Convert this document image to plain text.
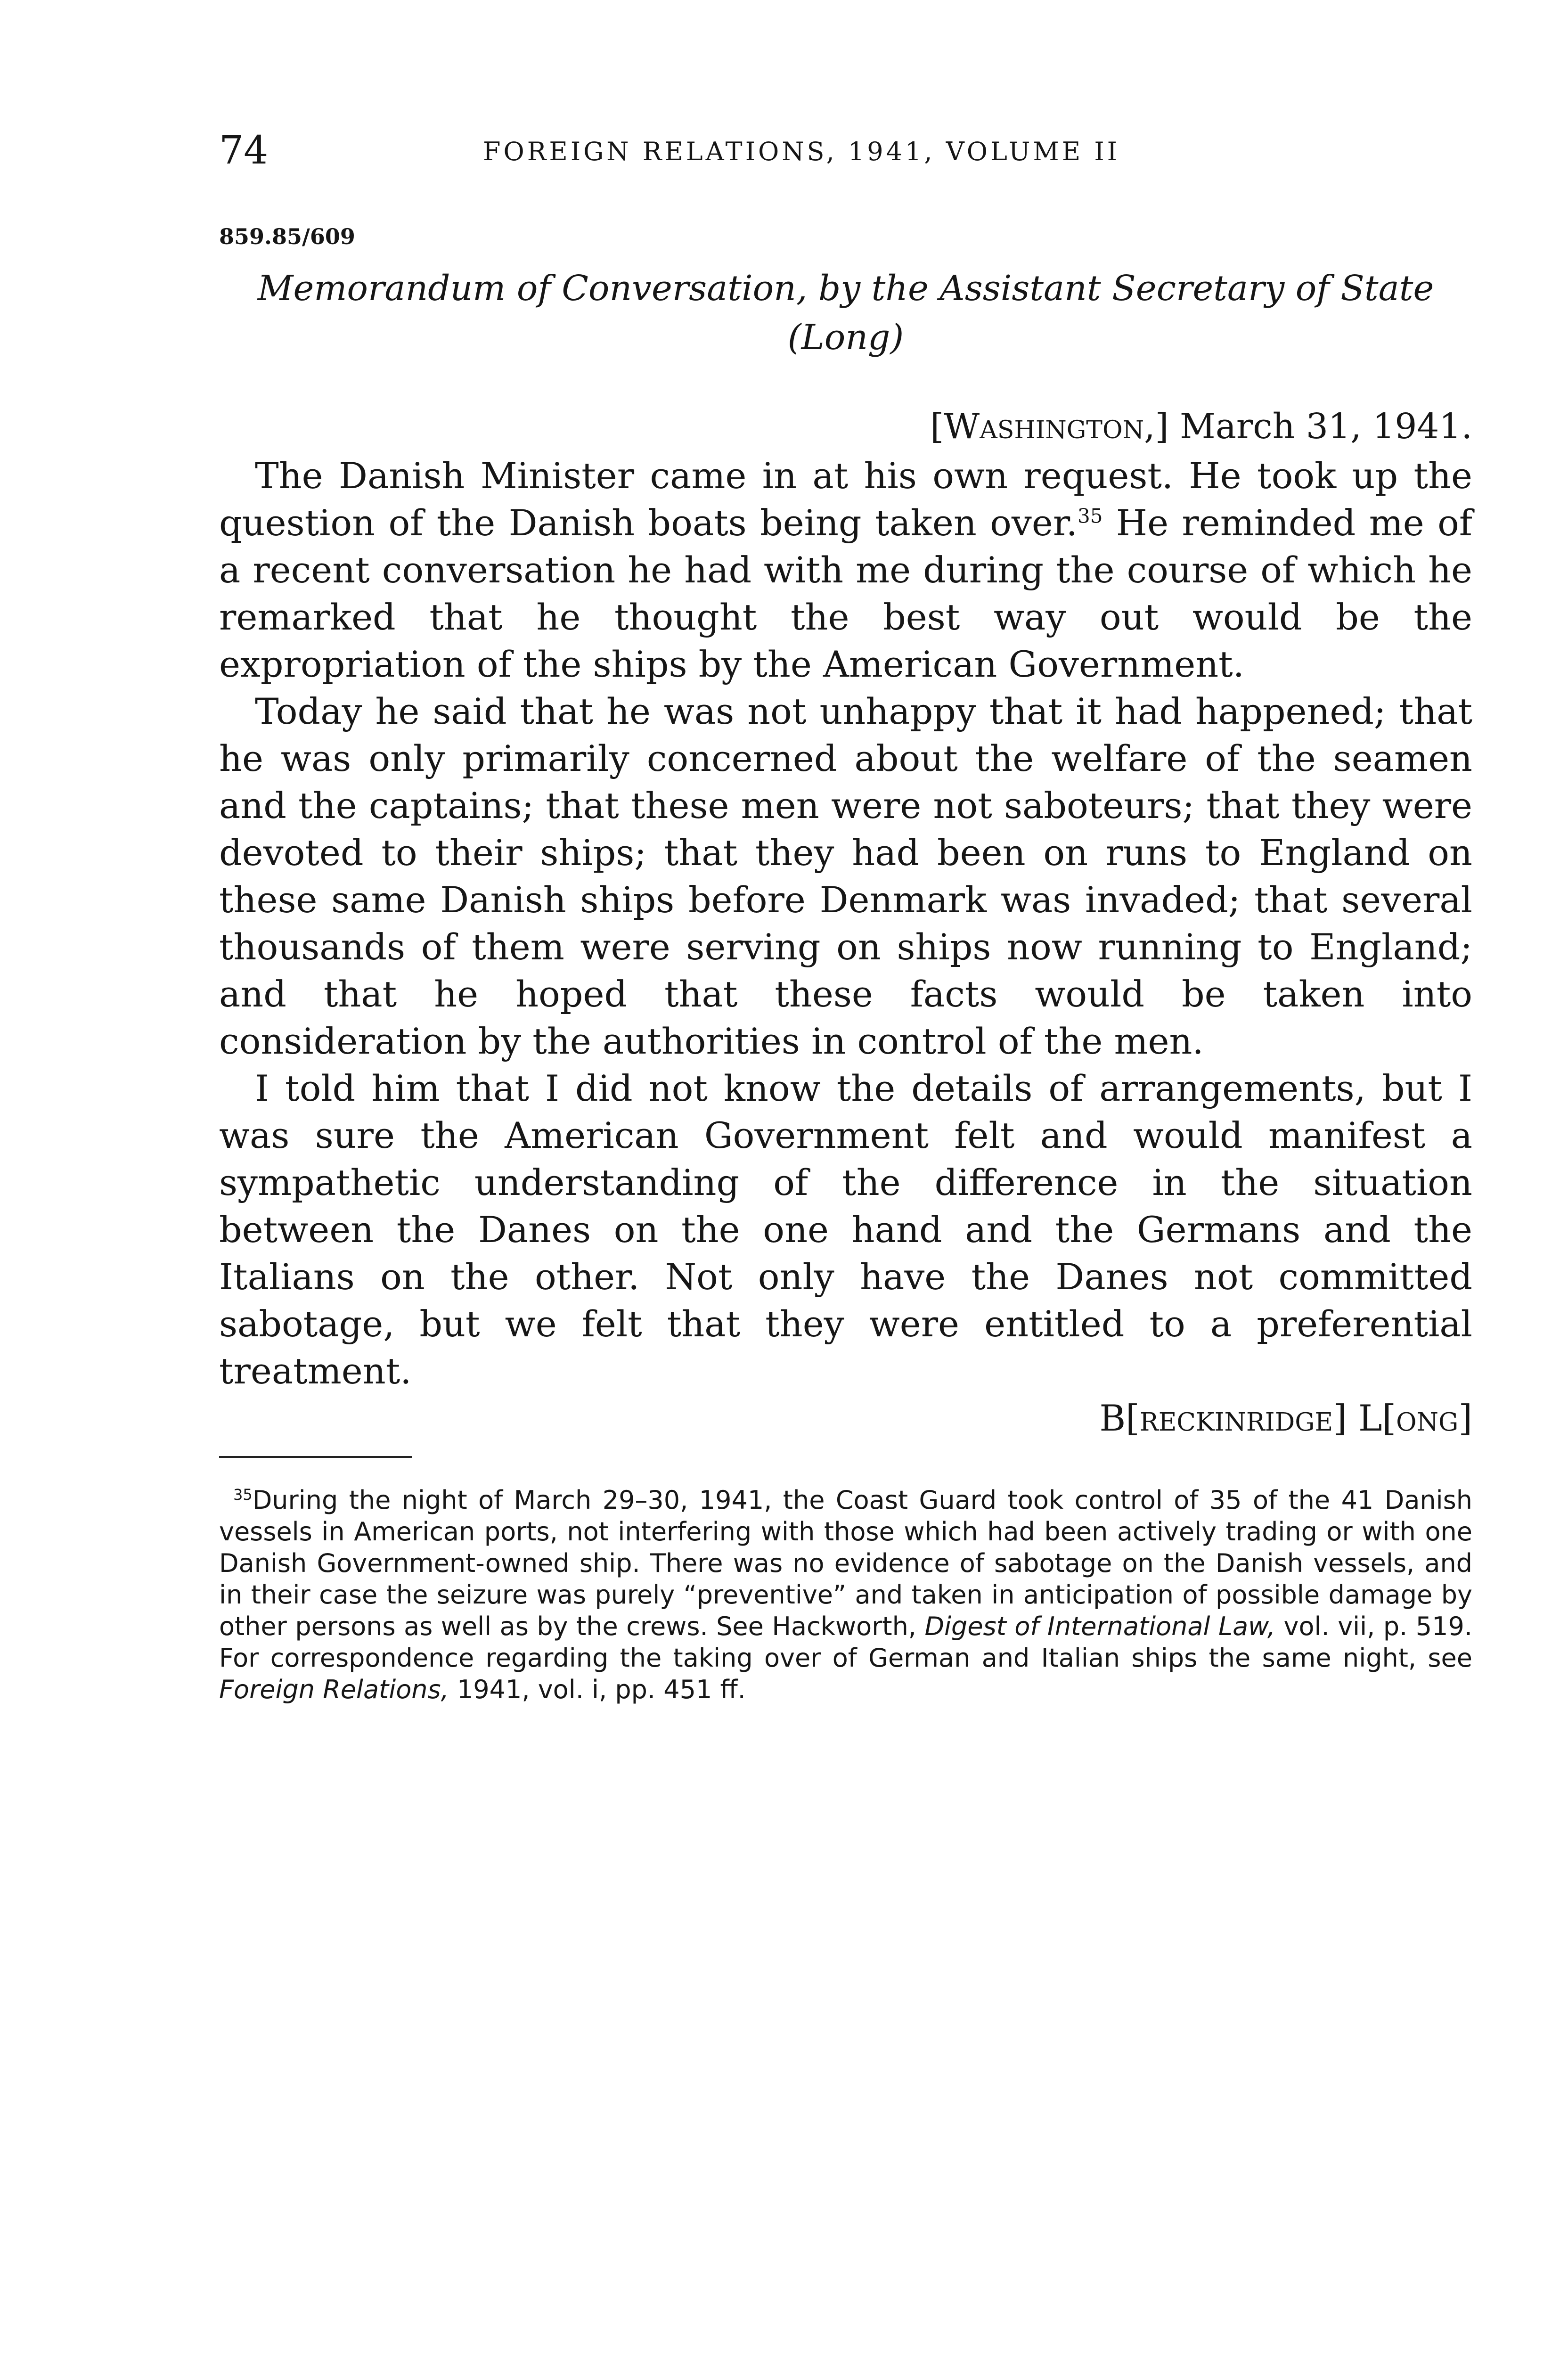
74	FOREIGN RELATIONS, 1941, VOLUME II
859.85/609
Memorandum of Conversation, by the Assistant Secretary of State
(Long)
[Washington,] March 31, 1941.

The Danish Minister came in at his own request. He took up the question of the Danish boats being taken over.$^{35}$ He reminded me of a recent conversation he had with me during the course of which he remarked that he thought the best way out would be the expropriation of the ships by the American Government.

Today he said that he was not unhappy that it had happened; that he was only primarily concerned about the welfare of the seamen and the captains; that these men were not saboteurs; that they were devoted to their ships; that they had been on runs to England on these same Danish ships before Denmark was invaded; that several thousands of them were serving on ships now running to England; and that he hoped that these facts would be taken into consideration by the authorities in control of the men.

I told him that I did not know the details of arrangements, but I was sure the American Government felt and would manifest a sympathetic understanding of the difference in the situation between the Danes on the one hand and the Germans and the Italians on the other. Not only have the Danes not committed sabotage, but we felt that they were entitled to a preferential treatment.

B[reckinridge] L[ong]

$^{35}$During the night of March 29–30, 1941, the Coast Guard took control of 35 of the 41 Danish vessels in American ports, not interfering with those which had been actively trading or with one Danish Government-owned ship. There was no evidence of sabotage on the Danish vessels, and in their case the seizure was purely “preventive” and taken in anticipation of possible damage by other persons as well as by the crews. See Hackworth, Digest of International Law, vol. vii, p. 519. For correspondence regarding the taking over of German and Italian ships the same night, see Foreign Relations, 1941, vol. i, pp. 451 ff.
